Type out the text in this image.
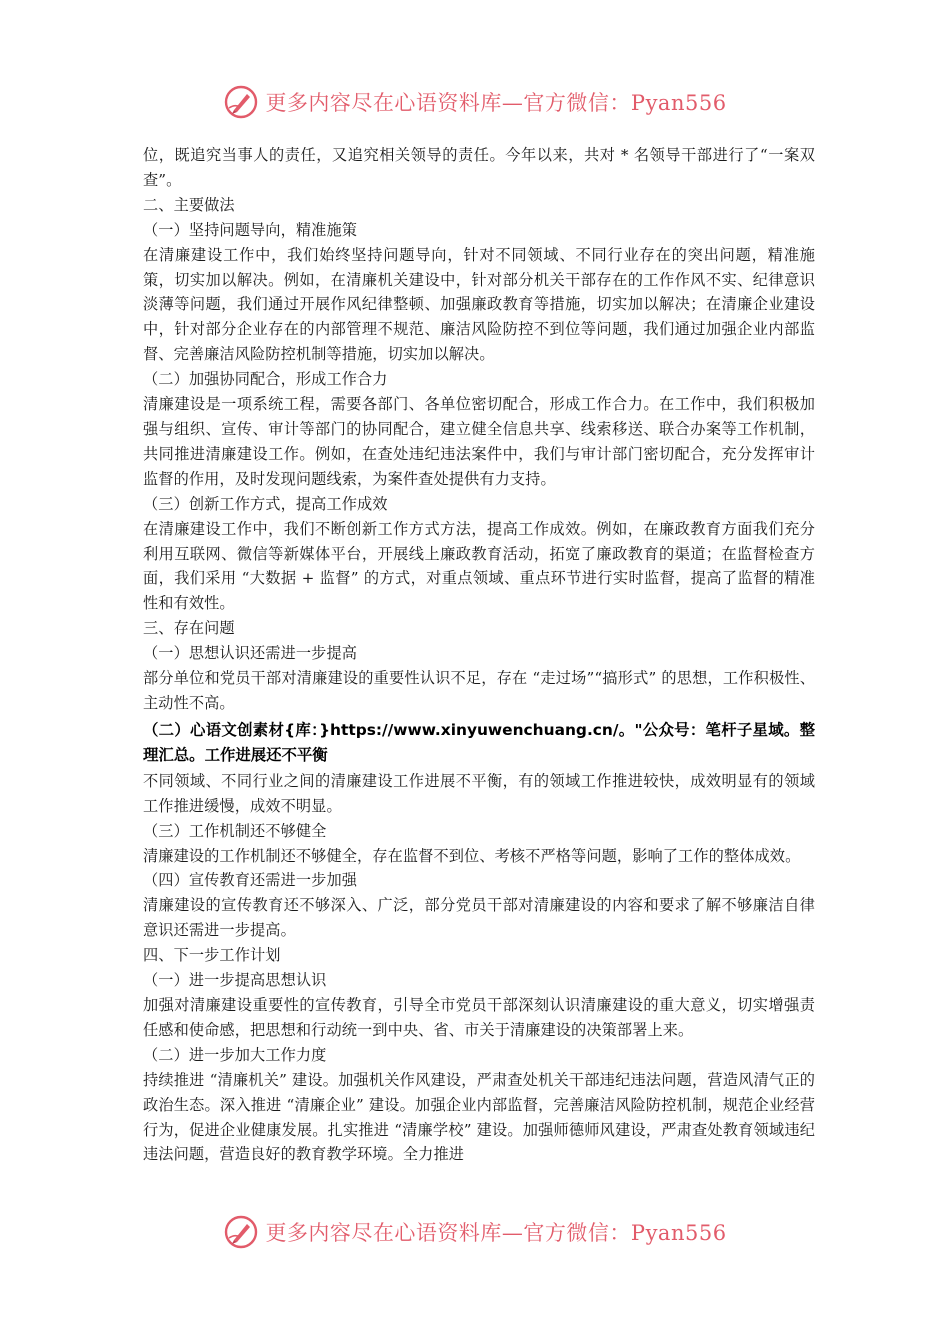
更多内容尽在心语资料库—官方微信：Pyan556

位，既追究当事人的责任，又追究相关领导的责任。今年以来，共对 * 名领导干部进行了“一案双查”。

二、主要做法

（一）坚持问题导向，精准施策

在清廉建设工作中，我们始终坚持问题导向，针对不同领域、不同行业存在的突出问题，精准施策，切实加以解决。例如，在清廉机关建设中，针对部分机关干部存在的工作作风不实、纪律意识淡薄等问题，我们通过开展作风纪律整顿、加强廉政教育等措施，切实加以解决；在清廉企业建设中，针对部分企业存在的内部管理不规范、廉洁风险防控不到位等问题，我们通过加强企业内部监督、完善廉洁风险防控机制等措施，切实加以解决。

（二）加强协同配合，形成工作合力

清廉建设是一项系统工程，需要各部门、各单位密切配合，形成工作合力。在工作中，我们积极加强与组织、宣传、审计等部门的协同配合，建立健全信息共享、线索移送、联合办案等工作机制，共同推进清廉建设工作。例如，在查处违纪违法案件中，我们与审计部门密切配合，充分发挥审计监督的作用，及时发现问题线索，为案件查处提供有力支持。

（三）创新工作方式，提高工作成效

在清廉建设工作中，我们不断创新工作方式方法，提高工作成效。例如，在廉政教育方面我们充分利用互联网、微信等新媒体平台，开展线上廉政教育活动，拓宽了廉政教育的渠道；在监督检查方面，我们采用 “大数据 + 监督” 的方式，对重点领域、重点环节进行实时监督，提高了监督的精准性和有效性。

三、存在问题

（一）思想认识还需进一步提高

部分单位和党员干部对清廉建设的重要性认识不足，存在 “走过场”“搞形式” 的思想，工作积极性、主动性不高。

（二）心语文创素材{库：}https://www.xinyuwenchuang.cn/。"公众号：笔杆子星域。整理汇总。工作进展还不平衡

不同领域、不同行业之间的清廉建设工作进展不平衡，有的领域工作推进较快，成效明显有的领域工作推进缓慢，成效不明显。

（三）工作机制还不够健全

清廉建设的工作机制还不够健全，存在监督不到位、考核不严格等问题，影响了工作的整体成效。

（四）宣传教育还需进一步加强

清廉建设的宣传教育还不够深入、广泛，部分党员干部对清廉建设的内容和要求了解不够廉洁自律意识还需进一步提高。

四、下一步工作计划

（一）进一步提高思想认识

加强对清廉建设重要性的宣传教育，引导全市党员干部深刻认识清廉建设的重大意义，切实增强责任感和使命感，把思想和行动统一到中央、省、市关于清廉建设的决策部署上来。

（二）进一步加大工作力度

持续推进 “清廉机关” 建设。加强机关作风建设，严肃查处机关干部违纪违法问题，营造风清气正的政治生态。深入推进 “清廉企业” 建设。加强企业内部监督，完善廉洁风险防控机制，规范企业经营行为，促进企业健康发展。扎实推进 “清廉学校” 建设。加强师德师风建设，严肃查处教育领域违纪违法问题，营造良好的教育教学环境。全力推进

更多内容尽在心语资料库—官方微信：Pyan556
